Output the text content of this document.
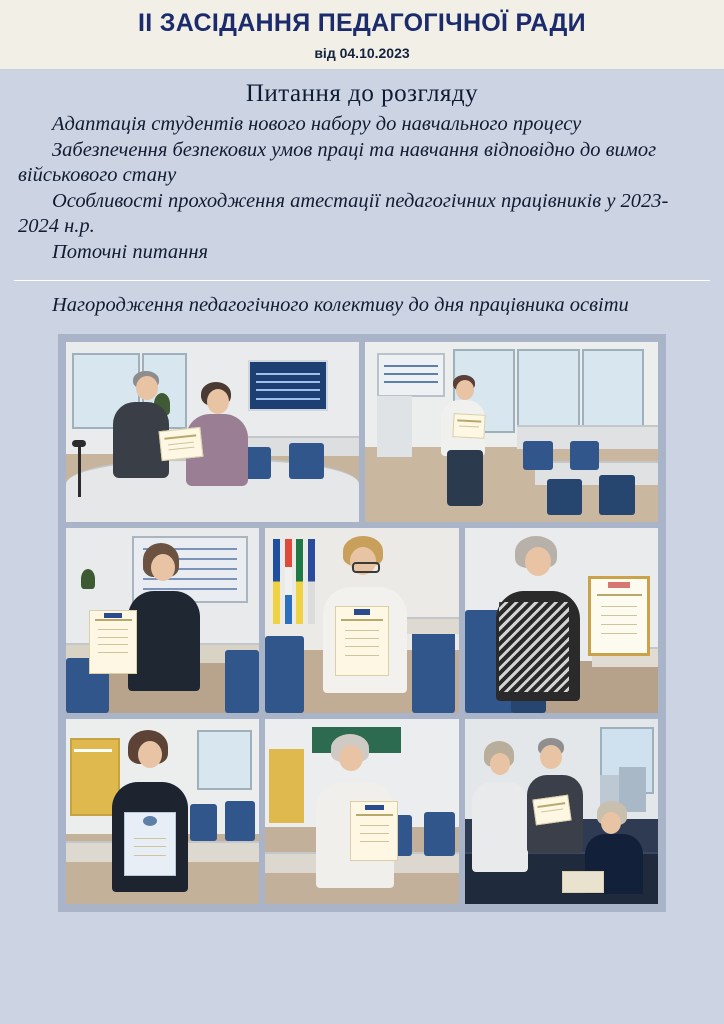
II ЗАСІДАННЯ ПЕДАГОГІЧНОЇ РАДИ
від 04.10.2023
Питання до розгляду

Адаптація студентів нового набору до навчального процесу

Забезпечення безпекових умов праці та навчання відповідно до вимог військового стану

Особливості проходження атестації педагогічних працівників у 2023-2024 н.р.

Поточні питання

Нагородження педагогічного колективу до дня працівника освіти
